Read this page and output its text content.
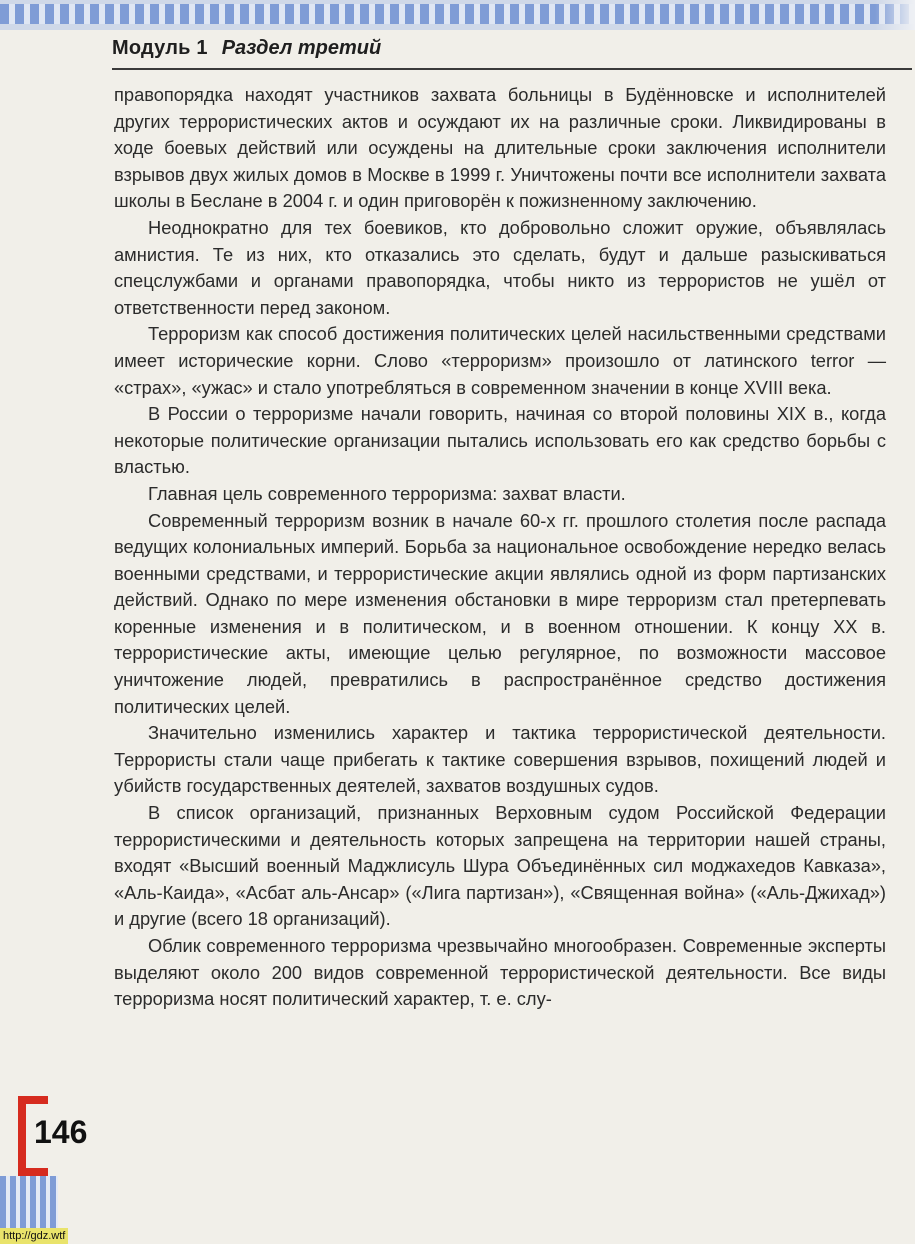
Модуль 1 Раздел третий

правопорядка находят участников захвата больницы в Будённовске и исполнителей других террористических актов и осуждают их на различные сроки. Ликвидированы в ходе боевых действий или осуждены на длительные сроки заключения исполнители взрывов двух жилых домов в Москве в 1999 г. Уничтожены почти все исполнители захвата школы в Беслане в 2004 г. и один приговорён к пожизненному заключению.

Неоднократно для тех боевиков, кто добровольно сложит оружие, объявлялась амнистия. Те из них, кто отказались это сделать, будут и дальше разыскиваться спецслужбами и органами правопорядка, чтобы никто из террористов не ушёл от ответственности перед законом.

Терроризм как способ достижения политических целей насильственными средствами имеет исторические корни. Слово «терроризм» произошло от латинского terror — «страх», «ужас» и стало употребляться в современном значении в конце XVIII века.

В России о терроризме начали говорить, начиная со второй половины XIX в., когда некоторые политические организации пытались использовать его как средство борьбы с властью.

Главная цель современного терроризма: захват власти.

Современный терроризм возник в начале 60-х гг. прошлого столетия после распада ведущих колониальных империй. Борьба за национальное освобождение нередко велась военными средствами, и террористические акции являлись одной из форм партизанских действий. Однако по мере изменения обстановки в мире терроризм стал претерпевать коренные изменения и в политическом, и в военном отношении. К концу XX в. террористические акты, имеющие целью регулярное, по возможности массовое уничтожение людей, превратились в распространённое средство достижения политических целей.

Значительно изменились характер и тактика террористической деятельности. Террористы стали чаще прибегать к тактике совершения взрывов, похищений людей и убийств государственных деятелей, захватов воздушных судов.

В список организаций, признанных Верховным судом Российской Федерации террористическими и деятельность которых запрещена на территории нашей страны, входят «Высший военный Маджлисуль Шура Объединённых сил моджахедов Кавказа», «Аль-Каида», «Асбат аль-Ансар» («Лига партизан»), «Священная война» («Аль-Джихад») и другие (всего 18 организаций).

Облик современного терроризма чрезвычайно многообразен. Современные эксперты выделяют около 200 видов современной террористической деятельности. Все виды терроризма носят политический характер, т. е. слу-

146
http://gdz.wtf
